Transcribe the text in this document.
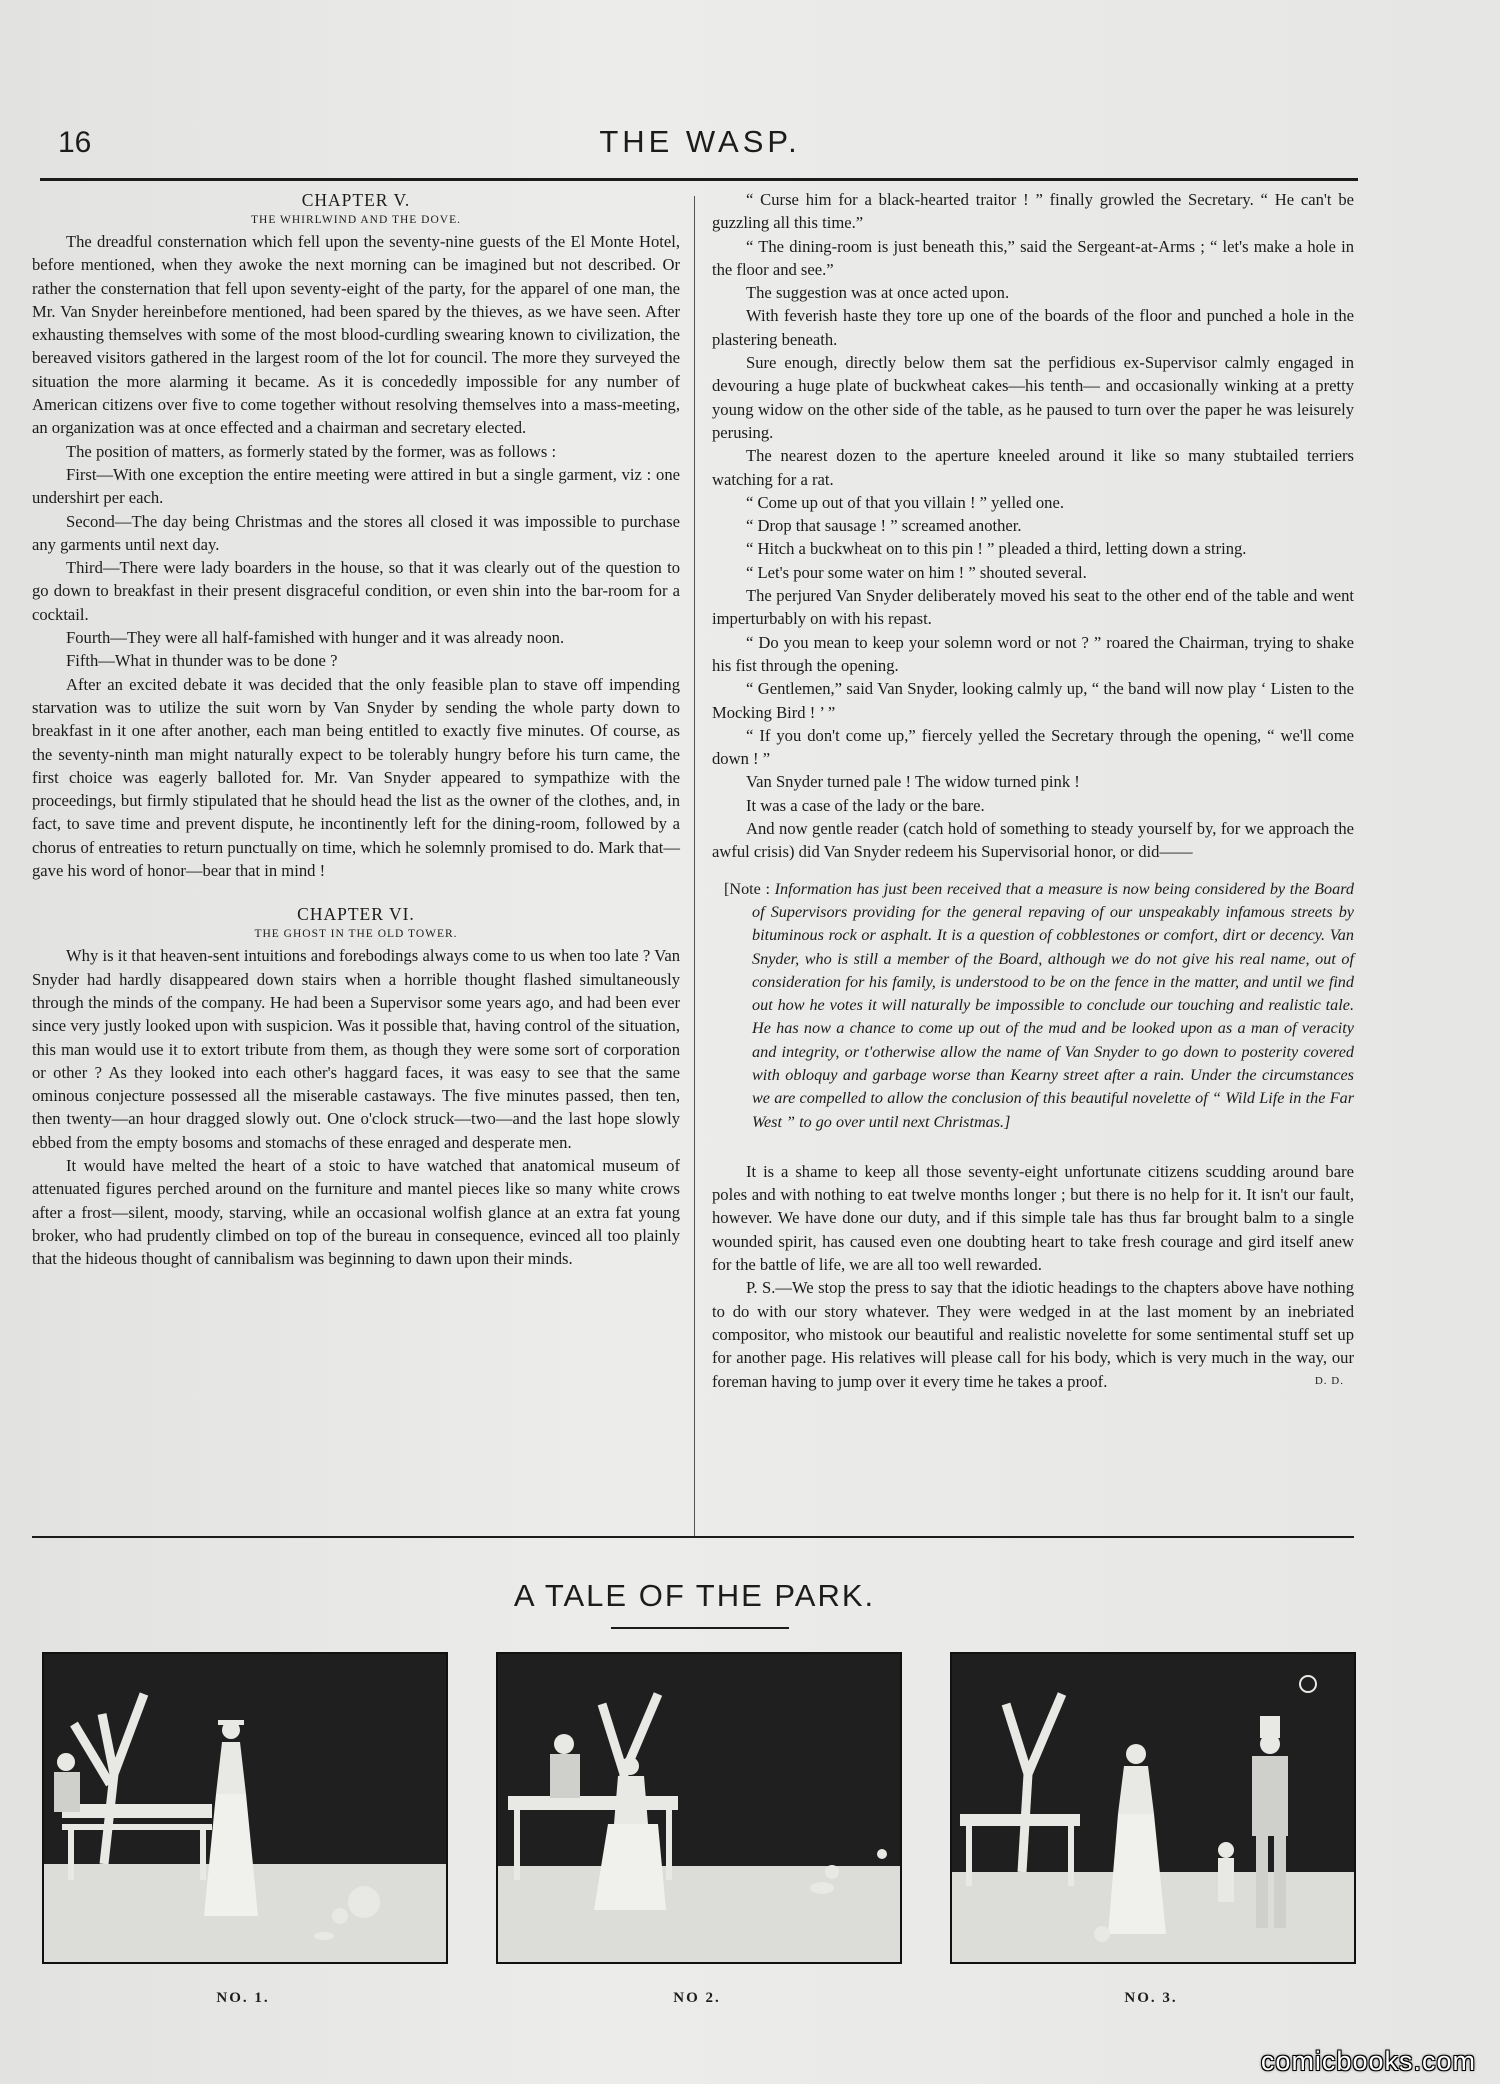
16	THE WASP.
CHAPTER V.
THE WHIRLWIND AND THE DOVE.

The dreadful consternation which fell upon the seventy-nine guests of the El Monte Hotel, before mentioned, when they awoke the next morning can be imagined but not described. Or rather the consternation that fell upon seventy-eight of the party, for the apparel of one man, the Mr. Van Snyder hereinbefore mentioned, had been spared by the thieves, as we have seen. After exhausting themselves with some of the most blood-curdling swearing known to civilization, the bereaved visitors gathered in the largest room of the lot for council. The more they surveyed the situation the more alarming it became. As it is concededly impossible for any number of American citizens over five to come together without resolving themselves into a mass-meeting, an organization was at once effected and a chairman and secretary elected.

The position of matters, as formerly stated by the former, was as follows :

First—With one exception the entire meeting were attired in but a single garment, viz : one undershirt per each.

Second—The day being Christmas and the stores all closed it was impossible to purchase any garments until next day.

Third—There were lady boarders in the house, so that it was clearly out of the question to go down to breakfast in their present disgraceful condition, or even shin into the bar-room for a cocktail.

Fourth—They were all half-famished with hunger and it was already noon.

Fifth—What in thunder was to be done ?

After an excited debate it was decided that the only feasible plan to stave off impending starvation was to utilize the suit worn by Van Snyder by sending the whole party down to breakfast in it one after another, each man being entitled to exactly five minutes. Of course, as the seventy-ninth man might naturally expect to be tolerably hungry before his turn came, the first choice was eagerly balloted for. Mr. Van Snyder appeared to sympathize with the proceedings, but firmly stipulated that he should head the list as the owner of the clothes, and, in fact, to save time and prevent dispute, he incontinently left for the dining-room, followed by a chorus of entreaties to return punctually on time, which he solemnly promised to do. Mark that— gave his word of honor—bear that in mind !

CHAPTER VI.
THE GHOST IN THE OLD TOWER.

Why is it that heaven-sent intuitions and forebodings always come to us when too late ? Van Snyder had hardly disappeared down stairs when a horrible thought flashed simultaneously through the minds of the company. He had been a Supervisor some years ago, and had been ever since very justly looked upon with suspicion. Was it possible that, having control of the situation, this man would use it to extort tribute from them, as though they were some sort of corporation or other ? As they looked into each other's haggard faces, it was easy to see that the same ominous conjecture possessed all the miserable castaways. The five minutes passed, then ten, then twenty—an hour dragged slowly out. One o'clock struck—two—and the last hope slowly ebbed from the empty bosoms and stomachs of these enraged and desperate men.

It would have melted the heart of a stoic to have watched that anatomical museum of attenuated figures perched around on the furniture and mantel pieces like so many white crows after a frost—silent, moody, starving, while an occasional wolfish glance at an extra fat young broker, who had prudently climbed on top of the bureau in consequence, evinced all too plainly that the hideous thought of cannibalism was beginning to dawn upon their minds.

“ Curse him for a black-hearted traitor ! ” finally growled the Secretary. “ He can't be guzzling all this time.”

“ The dining-room is just beneath this,” said the Sergeant-at-Arms ; “ let's make a hole in the floor and see.”

The suggestion was at once acted upon.

With feverish haste they tore up one of the boards of the floor and punched a hole in the plastering beneath.

Sure enough, directly below them sat the perfidious ex-Supervisor calmly engaged in devouring a huge plate of buckwheat cakes—his tenth— and occasionally winking at a pretty young widow on the other side of the table, as he paused to turn over the paper he was leisurely perusing.

The nearest dozen to the aperture kneeled around it like so many stubtailed terriers watching for a rat.

“ Come up out of that you villain ! ” yelled one.

“ Drop that sausage ! ” screamed another.

“ Hitch a buckwheat on to this pin ! ” pleaded a third, letting down a string.

“ Let's pour some water on him ! ” shouted several.

The perjured Van Snyder deliberately moved his seat to the other end of the table and went imperturbably on with his repast.

“ Do you mean to keep your solemn word or not ? ” roared the Chairman, trying to shake his fist through the opening.

“ Gentlemen,” said Van Snyder, looking calmly up, “ the band will now play ‘ Listen to the Mocking Bird ! ’ ”

“ If you don't come up,” fiercely yelled the Secretary through the opening, “ we'll come down ! ”

Van Snyder turned pale ! The widow turned pink !

It was a case of the lady or the bare.

And now gentle reader (catch hold of something to steady yourself by, for we approach the awful crisis) did Van Snyder redeem his Supervisorial honor, or did——

[Note : Information has just been received that a measure is now being considered by the Board of Supervisors providing for the general repaving of our unspeakably infamous streets by bituminous rock or asphalt. It is a question of cobblestones or comfort, dirt or decency. Van Snyder, who is still a member of the Board, although we do not give his real name, out of consideration for his family, is understood to be on the fence in the matter, and until we find out how he votes it will naturally be impossible to conclude our touching and realistic tale. He has now a chance to come up out of the mud and be looked upon as a man of veracity and integrity, or t'otherwise allow the name of Van Snyder to go down to posterity covered with obloquy and garbage worse than Kearny street after a rain. Under the circumstances we are compelled to allow the conclusion of this beautiful novelette of “ Wild Life in the Far West ” to go over until next Christmas.]

It is a shame to keep all those seventy-eight unfortunate citizens scudding around bare poles and with nothing to eat twelve months longer ; but there is no help for it. It isn't our fault, however. We have done our duty, and if this simple tale has thus far brought balm to a single wounded spirit, has caused even one doubting heart to take fresh courage and gird itself anew for the battle of life, we are all too well rewarded.

P. S.—We stop the press to say that the idiotic headings to the chapters above have nothing to do with our story whatever. They were wedged in at the last moment by an inebriated compositor, who mistook our beautiful and realistic novelette for some sentimental stuff set up for another page. His relatives will please call for his body, which is very much in the way, our foreman having to jump over it every time he takes a proof.	D. D.

A TALE OF THE PARK.
NO. 1.	NO 2.	NO. 3.
comicbooks.com
